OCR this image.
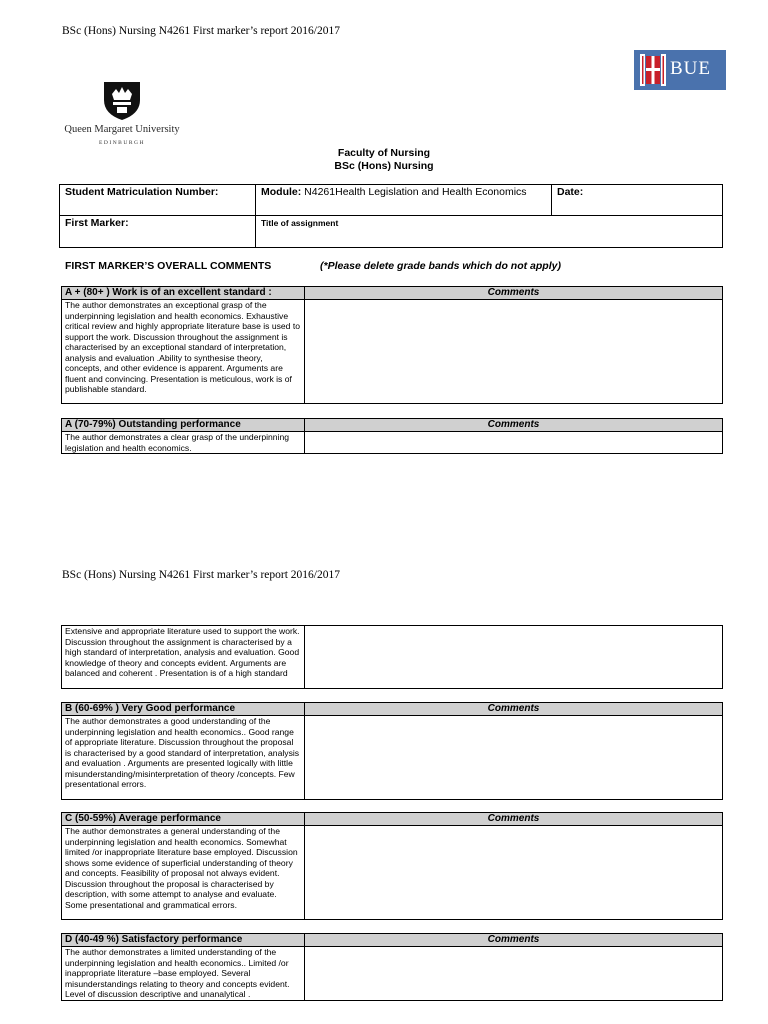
BSc (Hons) Nursing N4261 First marker’s report 2016/2017
Queen Margaret University
EDINBURGH
BUE
Faculty of Nursing
BSc (Hons) Nursing
Student Matriculation Number:	Module: N4261Health Legislation and Health Economics	Date:
First Marker:	Title of assignment	
FIRST MARKER’S OVERALL COMMENTS	(*Please delete grade bands which do not apply)
A + (80+ ) Work is of an excellent standard :	Comments
The author demonstrates an exceptional grasp of the underpinning legislation and health economics. Exhaustive critical review and highly appropriate literature base is used to support the work. Discussion throughout the assignment is characterised by an exceptional standard of interpretation, analysis and evaluation .Ability to synthesise theory, concepts, and other evidence is apparent. Arguments are fluent and convincing. Presentation is meticulous, work is of publishable standard.	
A (70-79%) Outstanding performance	Comments
The author demonstrates a clear grasp of the underpinning legislation and health economics.	
BSc (Hons) Nursing N4261 First marker’s report 2016/2017
Extensive and appropriate literature used to support the work. Discussion throughout the assignment is characterised by a high standard of interpretation, analysis and evaluation. Good knowledge of theory and concepts evident. Arguments are balanced and coherent . Presentation is of a high standard	
B (60-69% ) Very Good performance	Comments
The author demonstrates a good understanding of the underpinning legislation and health economics.. Good range of appropriate literature. Discussion throughout the proposal is characterised by a good standard of interpretation, analysis and evaluation . Arguments are presented logically with little misunderstanding/misinterpretation of theory /concepts. Few presentational errors.	
C (50-59%) Average performance	Comments
The author demonstrates a general understanding of the underpinning legislation and health economics. Somewhat limited /or inappropriate literature base employed. Discussion shows some evidence of superficial understanding of theory and concepts. Feasibility of proposal not always evident. Discussion throughout the proposal is characterised by description, with some attempt to analyse and evaluate. Some presentational and grammatical errors.	
D (40-49 %) Satisfactory performance	Comments
The author demonstrates a limited understanding of the underpinning legislation and health economics.. Limited /or inappropriate literature –base employed. Several misunderstandings relating to theory and concepts evident. Level of discussion descriptive and unanalytical .	
